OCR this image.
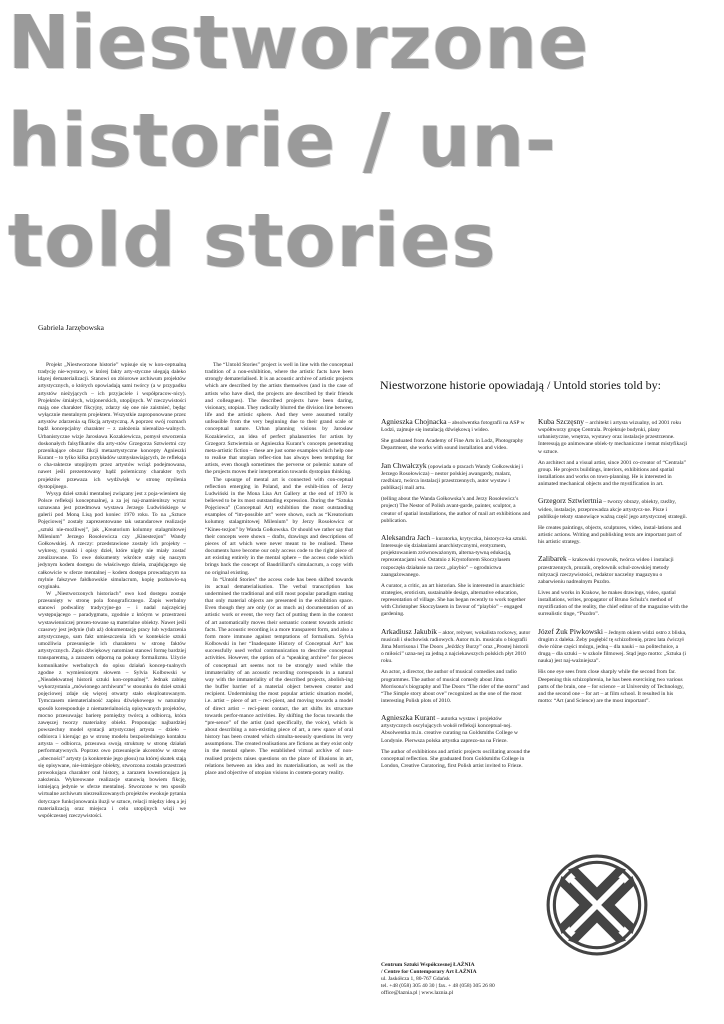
Niestworzone
historie / un-
told stories

Gabriela Jarzębowska

Projekt „Niestworzone historie” wpisuje się w kon-ceptualną tradycję nie-wystawy, w której fakty arty-styczne ulegają daleko idącej dematerializacji. Stanowi on zbiorowe archiwum projektów artystycznych, o których opowiadają sami twórcy (a w przypadku artystów nieżyjących – ich przyjaciele i współpracow-nicy). Projektów śmiałych, wizjonerskich, utopijnych. W rzeczywistości mają one charakter fikcyjny, zdarzy się one nie zaistnieć, będąc wyłącznie mentalnym projektem. Wszystkie zaproponowane przez artystów zdarzenia są fikcją artystyczną. A poprzez swój rozmach bądź koncepcjalny charakter – z założenia nierealizo-walnych. Urbanistyczne wizje Jarosława Kozakiewicza, pomysł stworzenia doskonałych falsyfikatów dla arty-stów Grzegorza Sztwiertni czy przenikające obszar fikcji metaartystyczne koncepty Agnieszki Kurant – to tylko kilka przykładów uzmysławiających, że refleksja o cha-rakterze utopijnym przez artystów wciąż podejmowana, nawet jeśli prezentowany bądź polemiczny charakter tych projektów przewaza ich wydźwięk w stronę myślenia dystopijnego.

Wysyp dzieł sztuki mentalnej związany jest z poja-wieniem się Polsce refleksji konceptualnej, a za jej naj-znamienitszy wyraz uznawana jest przedmowa wystawa Jerzego Ludwińskiego w galerii pod Moną Lisą pod koniec 1970 roku. To na „Sztuce Pojęciowej” zostały zaprezentowane tak ustandarowe realizacje „sztuki nie-możliwej”, jak „Kreatorium kolumny stalagmitowej Milenium” Jerzego Rosołowicza czy „Kinestezjon” Wandy Gołkowskiej. A rzeczy: przedstawione zostały ich projekty – wykresy, rysunki i opisy dzieł, które nigdy nie miały zostać zrealizowane. To owe dokumenty wkrótce stały się naszym jedynym kodem dostępu do właściwego dzieła, znajdującego się całkowicie w sferze mentalnej – kodem dostępu prowadzącym na mylnie fałszywe fałdkowskie simulacrum, kopię pozbawio-ną oryginału.

W „Niestworzonych historiach” owo kod dostępu zostaje przesunięty w stronę pola fonograficznego. Zapis werbalny stanowi podwaliny tradycyjne-go – i nadal najczęściej występującego – paradygmatu, zgodnie z którym w przestrzeni wystawienniczej prezen-towane są materialne obiekty. Nawet jeśli czasowy jest jedynie (lub aż) dokumentację pracy lub wydarzenia artystycznego, sam fakt umieszczenia ich w kontekście sztuki umożliwia przesunięcie ich charakteru w stronę faktów artystycznych. Zapis dźwiękowy natomiast stanowi formę bardziej transparentną, a zarazem odporną na pokusy formalizmu. Użycie komunikatów werbalnych do opisu działań koncep-tualnych zgodne z wymienionym słowem – Sylvia Kolbowski w „Nieadekwatnej historii sztuki kon-ceptualnej”. Jednak zabieg wykorzystania „mówionego archiwum” w stosunku do dzieł sztuki pojęciowej zdaje się więcej otwarty stało eksploatowanym. Tymczasem niematerialność zapisu dźwiękowego w naturalny sposób koresponduje z niematerialnością opisywanych projektów, mocno przesuwając barierę pomiędzy twórcą a odbiorcą, która zawęszej tworzy materialny obiekt. Proponując najbardziej powszechny model syntacji artystycznej artysta – dzieło – odbiorca i kierując go w stronę modelu bezpośredniego kontaktu artysta – odbiorca, przesuwa swoją strukturę w stronę działań performatywnych. Poprzez owo przesunięcie akcentów w stronę „obecności” artysty (a konkretnie jego głosu) na której skutek stają się opisywane, nie-istniejące obiekty, stworzona została przestrzeń prowokująca charakter oral history, a zarazem kwestionująca ją założenia. Wykreowane realizacje stanowią bowiem fikcję, istniejącą jedynie w sferze mentalnej. Stworzone w ten sposób wirtualne archiwum niezrealizowanych projektów ewokuje pytania dotyczące funkcjonowania iluzji w sztuce, relacji między ideą a jej materializacją oraz miejsca i celu utopijnych wizji we współczesnej rzeczywistości.

The “Untold Stories” project is well in line with the conceptual tradition of a non-exhibition, where the artistic facts have been strongly dematerialised. It is an acoustic archive of artistic projects which are described by the artists themselves (and in the case of artists who have died, the projects are described by their friends and colleagues). The described projects have been daring, visionary, utopian. They radically blurred the division line between life and the artistic sphere. And they were assumed totally unfeasible from the very beginning due to their grand scale or conceptual nature. Urban planning visions by Jarosław Kozakiewicz, an idea of perfect phalanstries for artists by Grzegorz Sztwiertnia or Agnieszka Kurant’s concepts penetrating meta-artistic fiction – these are just some examples which help one to realise that utopian reflec-tion has always been tempting for artists, even though sometimes the perverse or polemic nature of the projects moves their interpretation towards dystopian thinking.

The upsurge of mental art is connected with con-ceptual reflection emerging in Poland, and the exhib-ition of Jerzy Ludwiński in the Mona Lisa Art Gallery at the end of 1970 is believed to be its most outstanding expression. During the “Sztuka Pojęciowa” (Conceptual Art) exhibition the most outstanding examples of “im-possible art” were shown, such as “Kreatorium kolumny stalagmitowej Milenium” by Jerzy Rosołowicz or “Kines-tezjon” by Wanda Gołkowska. Or should we rather say that their concepts were shown – drafts, drawings and descriptions of pieces of art which were never meant to be realised. These documents have become our only access code to the right piece of art existing entirely in the mental sphere – the access code which brings back the concept of Baudrillard’s simulacrum, a copy with no original existing.

In “Untold Stories” the access code has been shifted towards its actual dematerialisation. The verbal transcription has undermined the traditional and still most popular paradigm stating that only material objects are presented in the exhibition space. Even though they are only (or as much as) documentation of an artistic work or event, the very fact of putting them in the context of art automatically moves their semantic content towards artistic facts. The acoustic recording is a more transparent form, and also a form more immune against temptations of formalism. Sylvia Kolbowski in her “Inadequate History of Conceptual Art” has successfully used verbal communication to describe conceptual activities. However, the option of a “speaking archive” for pieces of conceptual art seems not to be strongly used while the immateriality of an acoustic recording corresponds in a natural way with the immateriality of the described projects, abolish-ing the buffer barrier of a material object between creator and recipient. Undermining the most popular artistic situation model, i.e. artist – piece of art – reci-pient, and moving towards a model of direct artist – reci-pient contact, the art shifts its structure towards perfor-mance activities. By shifting the focus towards the “pre-sence” of the artist (and specifically, the voice), which is about describing a non-existing piece of art, a new space of oral history has been created which simulta-neously questions its very assumptions. The created realisations are fictions as they exist only in the mental sphere. The established virtual archive of non-realised projects raises questions on the place of illusions in art, relations between an idea and its materialisation, as well as the place and objective of utopian visions in contem-porary reality.

Niestworzone historie opowiadają / Untold stories told by:

Agnieszka Chojnacka – absolwentka fotografii na ASP w Łodzi, zajmuje się instalacją dźwiękową i wideo.

She graduated from Academy of Fine Arts in Lodz, Photography Department, she works with sound installation and video.

Jan Chwałczyk (opowiada o pracach Wandy Gołkowskiej i Jerzego Rosołowicza) – nestor polskiej awangardy, malarz, rzeźbiarz, twórca instalacji przestrzennych, autor wystaw i publikacji mail artu.

(telling about the Wanda Gołkowska’s and Jerzy Rosołowicz’s project) The Nestor of Polish avant-garde, painter, sculptor, a creator of spatial installations, the author of mail art exhibitions and publication.

Aleksandra Jach – kuratorka, krytyczka, historycz-ka sztuki. Interesuje się działaniami anarchistycznymi, erotyzmem, projektowaniem zrównoważonym, alterna-tywną edukacją, reprezentacjami wsi. Ostatnio z Krystoforem Skoczylasem rozpoczęła działanie na rzecz „playbio” – ogrodnictwa zaangażowanego.

A curator, a critic, an art historian. She is interested in anarchistic strategies, eroticism, sustainable design, alternative education, representation of village. She has began recently to work together with Christopher Skoczylasem in favour of “playbio” – engaged gardening.

Arkadiusz Jakubik – aktor, reżyser, wokalista rockowy, autor musicali i słuchowisk radiowych. Autor m.in. musicalu o biografii Jima Morrisona i The Doors „Jeźdźcy Burzy” oraz „Prostej historii o miłości” uzna-nej za jedną z najciekawszych polskich płyt 2010 roku.

An actor, a director, the author of musical comedies and radio programmes. The author of musical comedy about Jima Morrisona’s biography and The Doors “The rider of the storm” and “The Simple story about ove” recognized as the one of the most interesting Polish plots of 2010.

Agnieszka Kurant – autorka wystaw i projektów artystycznych oscylujących wokół refleksji konceptual-nej. Absolwentka m.in. creative curating na Goldsmiths College w Londynie. Pierwsza polska artystka zaprezo-na na Frieze.

The author of exhibitions and artistic projects oscillating around the conceptual reflection. She graduated from Goldsmiths College in London, Creative Curatoring, first Polish artist invited to Frieze.

Kuba Szczęsny – architekt i artysta wizualny, od 2001 roku współtworzy grupę Centrala. Projektuje budynki, plany urbanistyczne, wnętrza, wystawy oraz instalacje przestrzenne. Interesują go animowane obiek-ty mechaniczne i temat mistyfikacji w sztuce.

An architect and a visual artist, since 2001 co-creator of “Centrala” group. He projects buildings, interiors, exhibitions and spatial installations and works on town-planning. He is interested in animated mechanical objects and the mystification in art.

Grzegorz Sztwiertnia – tworzy obrazy, obiekty, rzeźby, wideo, instalacje, przeprowadza akcje artystycz-ne. Pisze i publikuje teksty stanowiące ważną część jego artystycznej strategii.

He creates paintings, objects, sculptures, video, instal-lations and artistic actions. Writing and publishing texts are important part of his artistic strategy.

Zalibarek – krakowski rysownik, twórca wideo i instalacji przestrzennych, prozaik, orędownik schul-zowskiej metody mityzacji rzeczywistości, redaktor naczelny magazynu o zabarwieniu nadrealnym Puzdro.

Lives and works in Krakow, he makes drawings, video, spatial installations, writes, propagator of Bruno Schulz’s method of mystification of the reality, the chief editor of the magazine with the surrealistic tinge, “Puzdro”.

Józef Żuk Piwkowski – Jednym okiem widzi ostro z bliska, drugim z daleka. Żeby pogłębić tę schizofrenię, przez lata ćwiczył dwie różne części mózgu, jedną – dla nauki – na politechnice, a drugą – dla sztuki – w szkole filmowej. Stąd jego motto: „Sztuka (i nauka) jest naj-ważniejsza”.

His one eye sees from close sharply while the second from far. Deepening this schizophrenia, he has been exercising two various parts of the brain, one – for science – at University of Technology, and the second one – for art – at film school. It resulted in his motto: “Art (and Science) are the most important”.

Centrum Sztuki Współczesnej ŁAŹNIA
/ Centre for Contemporary Art ŁAŹNIA
ul. Jaskółcza 1, 80-767 Gdańsk
tel. +48 (058) 305 40 30 | fax. + 48 (058) 305 26 80
office@laznia.pl | www.laznia.pl
